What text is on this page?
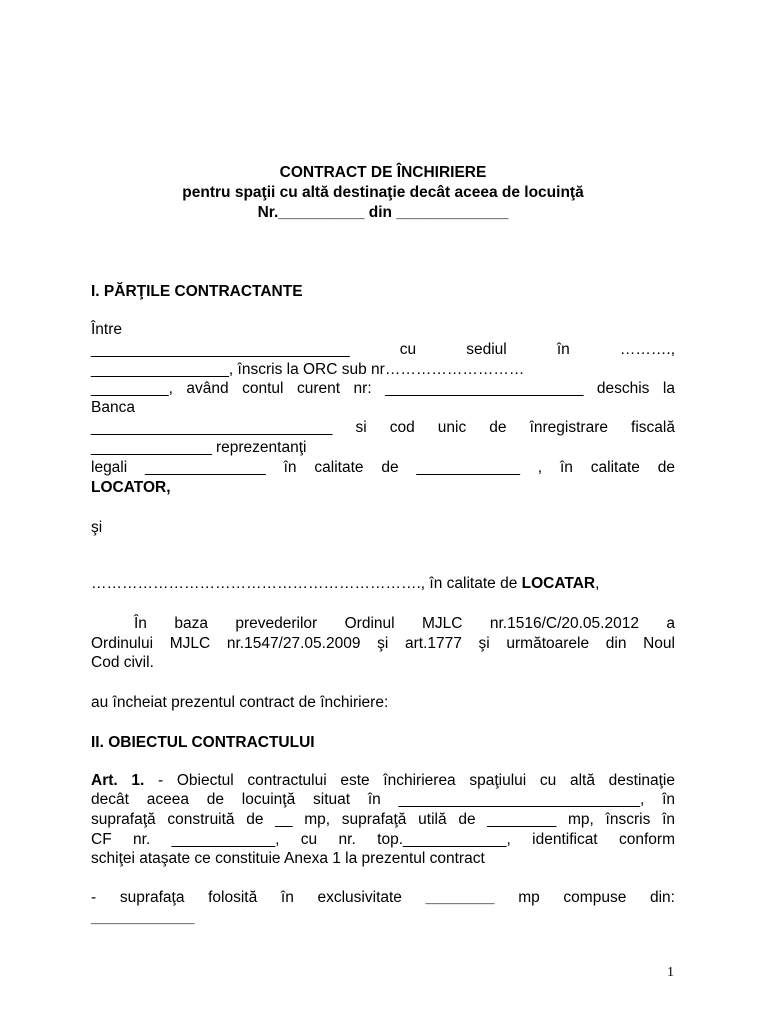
CONTRACT DE ÎNCHIRIERE
pentru spaţii cu altă destinaţie decât aceea de locuinţă
Nr.__________ din _____________

I. PĂRŢILE CONTRACTANTE

Între

______________________________ cu sediul în ……….,

________________, înscris la ORC sub nr………………………

_________, având contul curent nr: _______________________ deschis la

Banca

____________________________ si cod unic de înregistrare fiscală

______________ reprezentanţi

legali ______________ în calitate de ____________ , în calitate de

LOCATOR,

şi

………………………………………………………., în calitate de LOCATAR,

În baza prevederilor Ordinul MJLC nr.1516/C/20.05.2012 a

Ordinului MJLC nr.1547/27.05.2009 şi art.1777 şi următoarele din Noul

Cod civil.

au încheiat prezentul contract de închiriere:

II. OBIECTUL CONTRACTULUI

Art. 1. - Obiectul contractului este închirierea spaţiului cu altă destinaţie

decât aceea de locuinţă situat în ____________________________, în

suprafaţă construită de __ mp, suprafaţă utilă de ________ mp, înscris în

CF nr. ____________, cu nr. top.____________, identificat conform

schiţei ataşate ce constituie Anexa 1 la prezentul contract

- suprafaţa folosită în exclusivitate ________ mp compuse din:

____________

1
